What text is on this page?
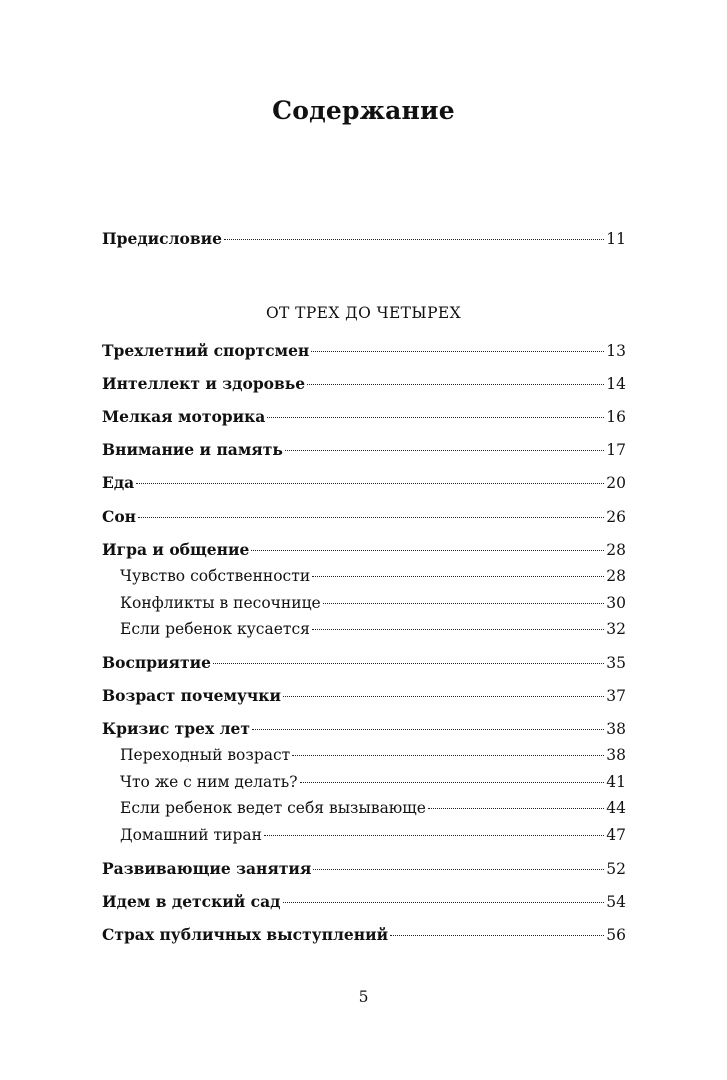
Содержание
Предисловие	11
ОТ ТРЕХ ДО ЧЕТЫРЕХ
Трехлетний спортсмен	13
Интеллект и здоровье	14
Мелкая моторика	16
Внимание и память	17
Еда	20
Сон	26
Игра и общение	28
Чувство собственности	28
Конфликты в песочнице	30
Если ребенок кусается	32
Восприятие	35
Возраст почемучки	37
Кризис трех лет	38
Переходный возраст	38
Что же с ним делать?	41
Если ребенок ведет себя вызывающе	44
Домашний тиран	47
Развивающие занятия	52
Идем в детский сад	54
Страх публичных выступлений	56
5
